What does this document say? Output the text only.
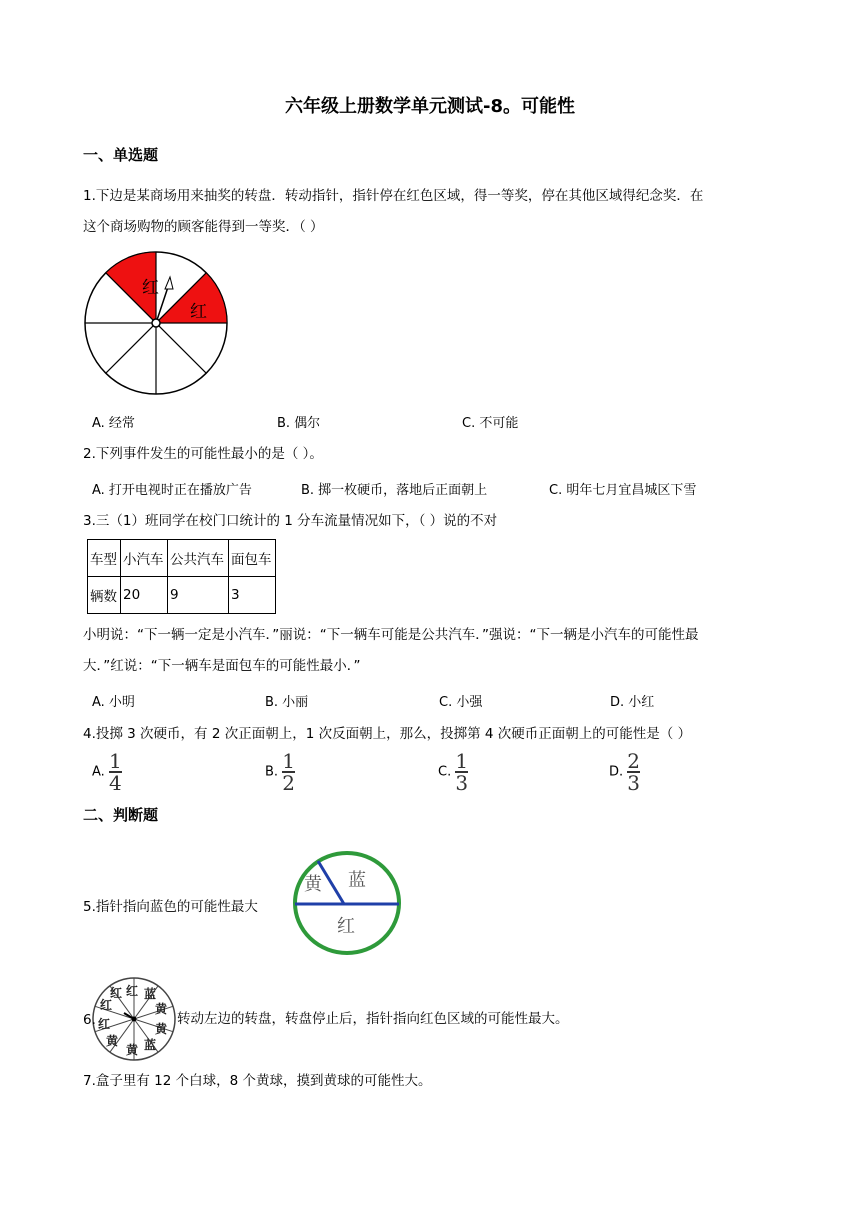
六年级上册数学单元测试-8。可能性
一、单选题
1.下边是某商场用来抽奖的转盘．转动指针，指针停在红色区域，得一等奖，停在其他区域得纪念奖．在
这个商场购物的顾客能得到一等奖．（ ）
红
红
A. 经常	B. 偶尔	C. 不可能
2.下列事件发生的可能性最小的是（ ）。
A. 打开电视时正在播放广告	B. 掷一枚硬币，落地后正面朝上	C. 明年七月宜昌城区下雪
3.三（1）班同学在校门口统计的 1 分车流量情况如下，（ ）说的不对
车型	小汽车	公共汽车	面包车
辆数	20	9	3
小明说：“下一辆一定是小汽车．”丽说：“下一辆车可能是公共汽车．”强说：“下一辆是小汽车的可能性最
大．”红说：“下一辆车是面包车的可能性最小．”
A. 小明	B. 小丽	C. 小强	D. 小红
4.投掷 3 次硬币，有 2 次正面朝上，1 次反面朝上，那么，投掷第 4 次硬币正面朝上的可能性是（ ）
A. $\frac{1}{4}$	B. $\frac{1}{2}$	C. $\frac{1}{3}$	D. $\frac{2}{3}$
二、判断题
5.指针指向蓝色的可能性最大
黄 蓝
红
红 蓝
黄
黄
蓝
黄
黄
红
红
红
6.	转动左边的转盘，转盘停止后，指针指向红色区域的可能性最大。
7.盒子里有 12 个白球，8 个黄球，摸到黄球的可能性大。
